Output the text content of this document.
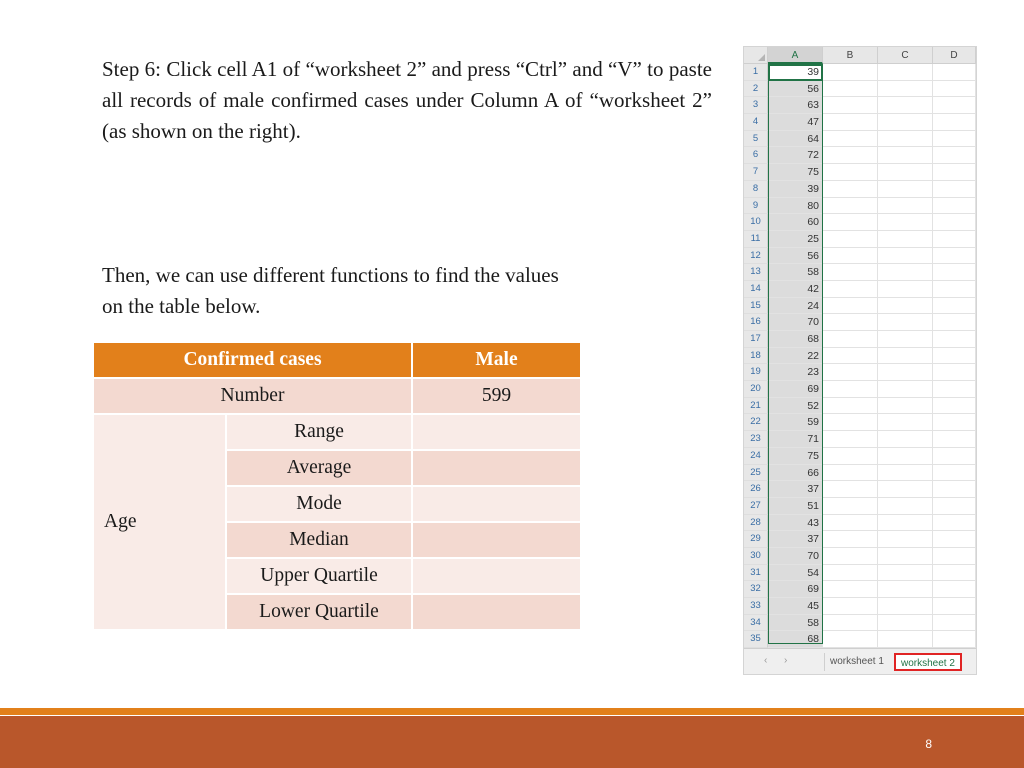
Step 6: Click cell A1 of “worksheet 2” and press “Ctrl” and “V” to paste all records of male confirmed cases under Column A of “worksheet 2” (as shown on the right).

Then, we can use different functions to find the values on the table below.

Confirmed cases		Male
Number		599
Age	Range	
	Average	
	Mode	
	Median	
	Upper Quartile	
	Lower Quartile	
A	B	C	D
1	39
2	56
3	63
4	47
5	64
6	72
7	75
8	39
9	80
10	60
11	25
12	56
13	58
14	42
15	24
16	70
17	68
18	22
19	23
20	69
21	52
22	59
23	71
24	75
25	66
26	37
27	51
28	43
29	37
30	70
31	54
32	69
33	45
34	58
35	68
‹ ›	worksheet 1	worksheet 2
8
